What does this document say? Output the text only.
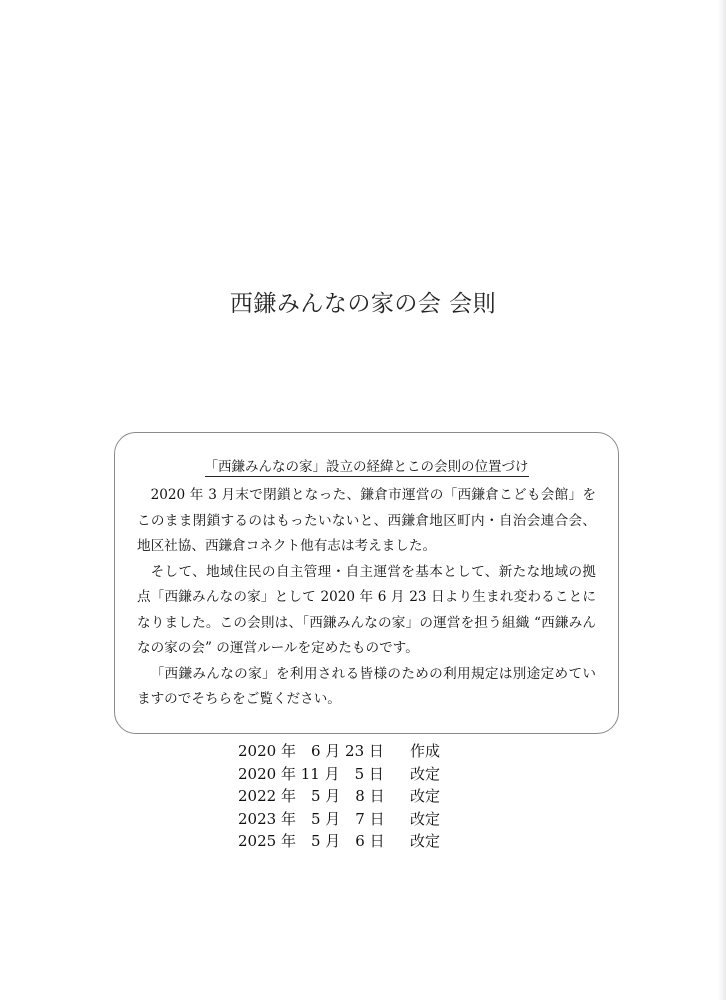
西鎌みんなの家の会 会則
「西鎌みんなの家」設立の経緯とこの会則の位置づけ

2020 年 3 月末で閉鎖となった、鎌倉市運営の「西鎌倉こども会館」をこのまま閉鎖するのはもったいないと、西鎌倉地区町内・自治会連合会、地区社協、西鎌倉コネクト他有志は考えました。

そして、地域住民の自主管理・自主運営を基本として、新たな地域の拠点「西鎌みんなの家」として 2020 年 6 月 23 日より生まれ変わることになりました。この会則は、「西鎌みんなの家」の運営を担う組織 “西鎌みんなの家の会” の運営ルールを定めたものです。

「西鎌みんなの家」を利用される皆様のための利用規定は別途定めていますのでそちらをご覧ください。

2020 年　6 月 23 日	作成
2020 年 11 月　5 日	改定
2022 年　5 月　8 日	改定
2023 年　5 月　7 日	改定
2025 年　5 月　6 日	改定
